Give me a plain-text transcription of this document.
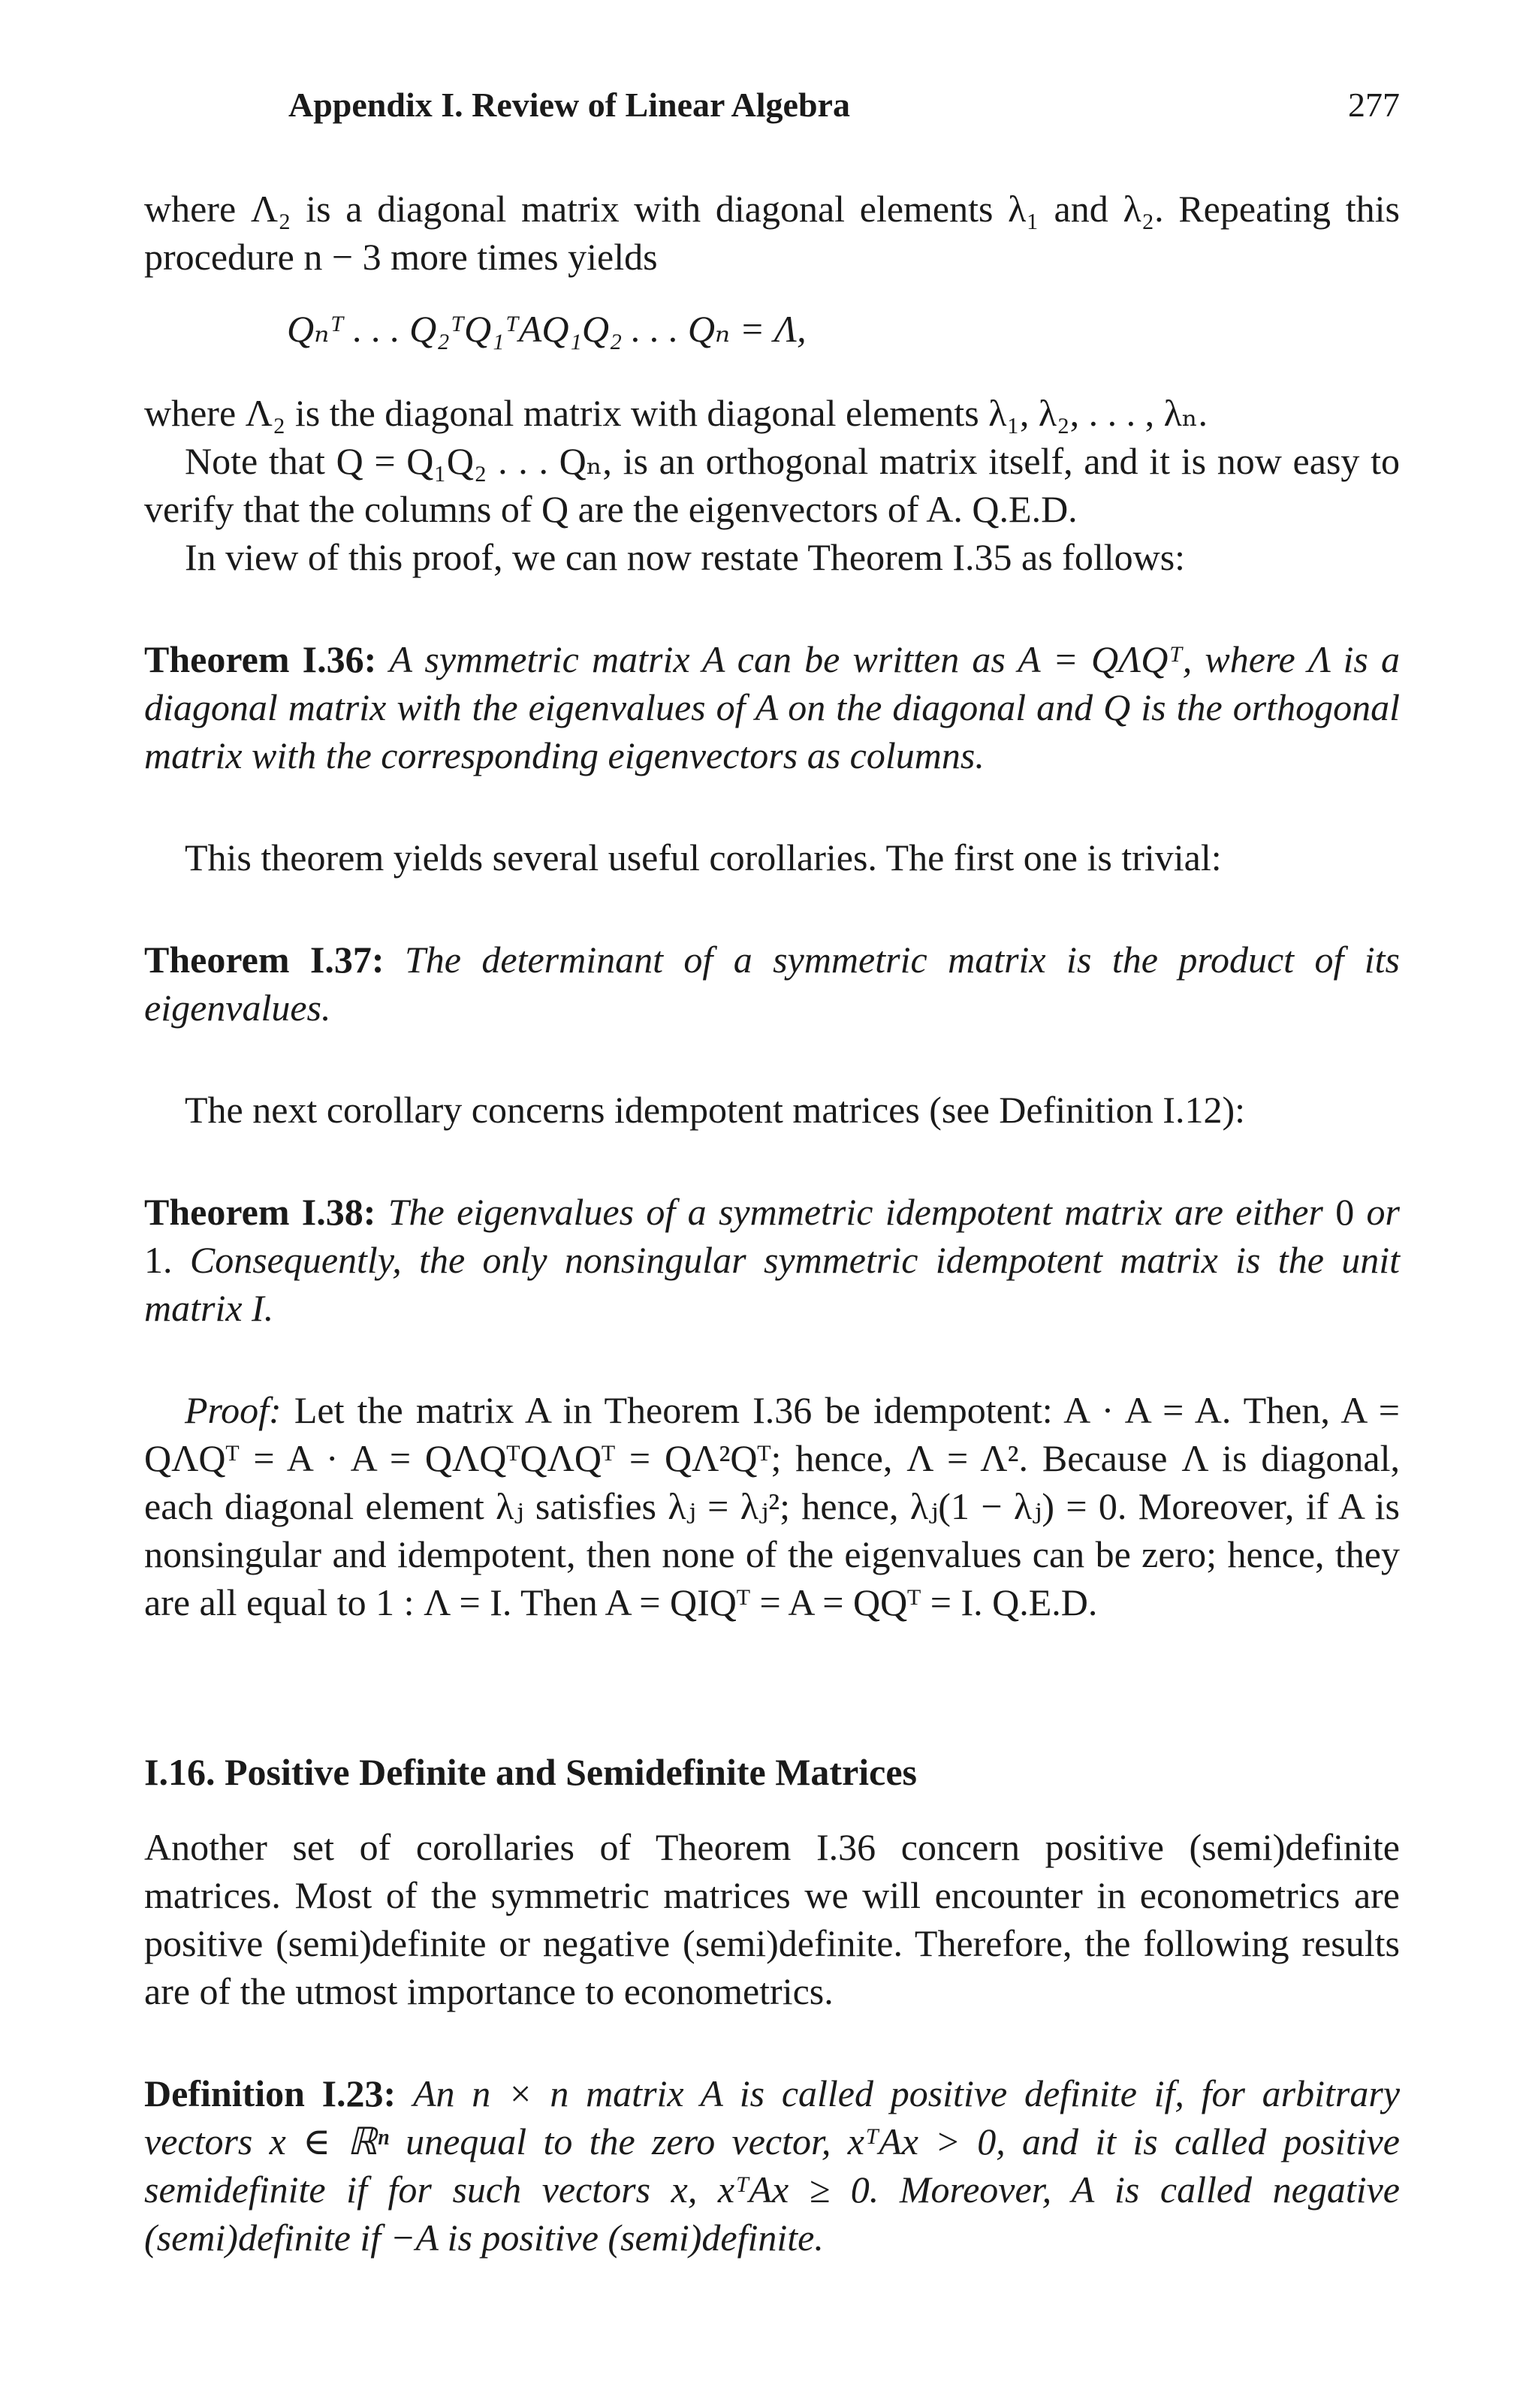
Appendix I. Review of Linear Algebra	277
where Λ₂ is a diagonal matrix with diagonal elements λ₁ and λ₂. Repeating this procedure n − 3 more times yields
Qₙᵀ . . . Q₂ᵀQ₁ᵀAQ₁Q₂ . . . Qₙ = Λ,
where Λ₂ is the diagonal matrix with diagonal elements λ₁, λ₂, . . . , λₙ.
Note that Q = Q₁Q₂ . . . Qₙ, is an orthogonal matrix itself, and it is now easy to verify that the columns of Q are the eigenvectors of A. Q.E.D.
In view of this proof, we can now restate Theorem I.35 as follows:
Theorem I.36: A symmetric matrix A can be written as A = QΛQᵀ, where Λ is a diagonal matrix with the eigenvalues of A on the diagonal and Q is the orthogonal matrix with the corresponding eigenvectors as columns.
This theorem yields several useful corollaries. The first one is trivial:
Theorem I.37: The determinant of a symmetric matrix is the product of its eigenvalues.
The next corollary concerns idempotent matrices (see Definition I.12):
Theorem I.38: The eigenvalues of a symmetric idempotent matrix are either 0 or 1. Consequently, the only nonsingular symmetric idempotent matrix is the unit matrix I.
Proof: Let the matrix A in Theorem I.36 be idempotent: A · A = A. Then, A = QΛQᵀ = A · A = QΛQᵀQΛQᵀ = QΛ²Qᵀ; hence, Λ = Λ². Because Λ is diagonal, each diagonal element λⱼ satisfies λⱼ = λⱼ²; hence, λⱼ(1 − λⱼ) = 0. Moreover, if A is nonsingular and idempotent, then none of the eigenvalues can be zero; hence, they are all equal to 1 : Λ = I. Then A = QIQᵀ = A = QQᵀ = I. Q.E.D.
I.16. Positive Definite and Semidefinite Matrices
Another set of corollaries of Theorem I.36 concern positive (semi)definite matrices. Most of the symmetric matrices we will encounter in econometrics are positive (semi)definite or negative (semi)definite. Therefore, the following results are of the utmost importance to econometrics.
Definition I.23: An n × n matrix A is called positive definite if, for arbitrary vectors x ∈ ℝⁿ unequal to the zero vector, xᵀAx > 0, and it is called positive semidefinite if for such vectors x, xᵀAx ≥ 0. Moreover, A is called negative (semi)definite if −A is positive (semi)definite.
